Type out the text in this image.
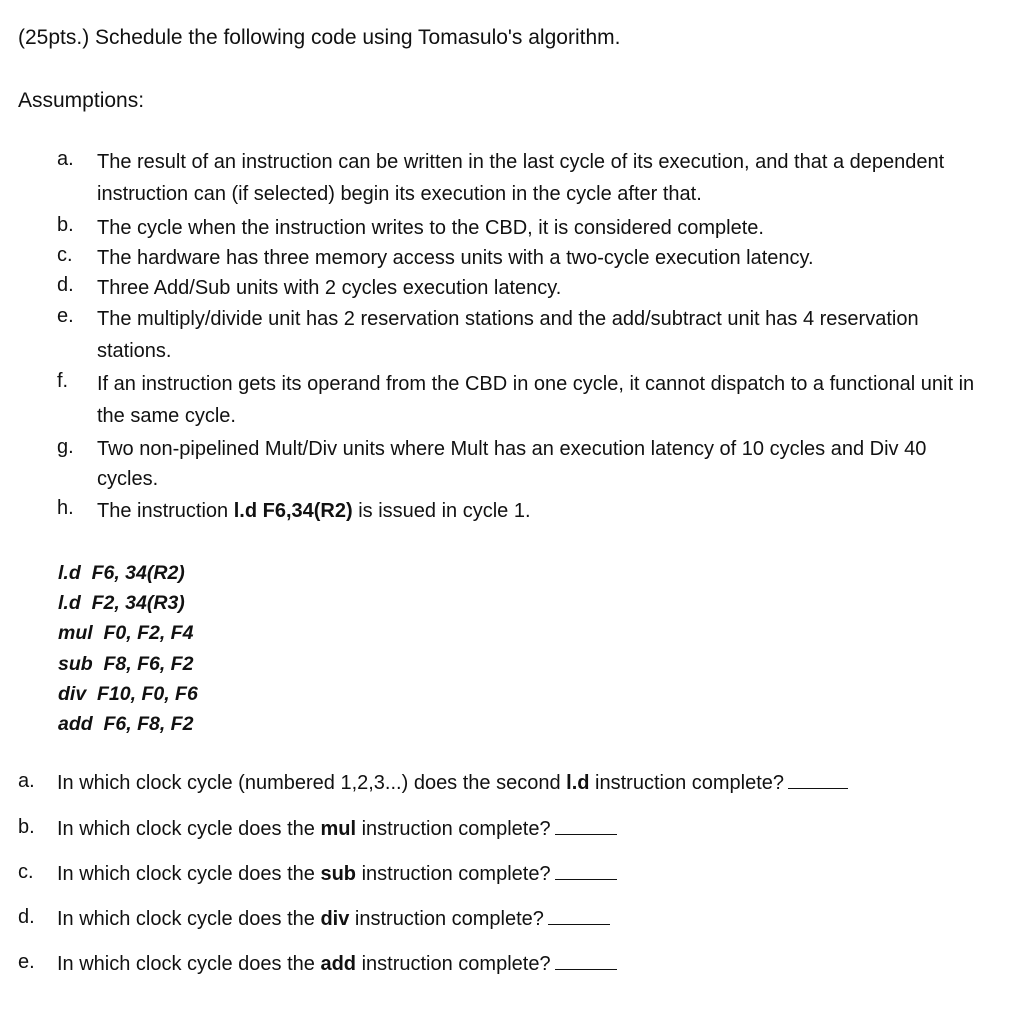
(25pts.) Schedule the following code using Tomasulo's algorithm.
Assumptions:
a.	The result of an instruction can be written in the last cycle of its execution, and that a dependent instruction can (if selected) begin its execution in the cycle after that.
b.	The cycle when the instruction writes to the CBD, it is considered complete.
c.	The hardware has three memory access units with a two-cycle execution latency.
d.	Three Add/Sub units with 2 cycles execution latency.
e.	The multiply/divide unit has 2 reservation stations and the add/subtract unit has 4 reservation stations.
f.	If an instruction gets its operand from the CBD in one cycle, it cannot dispatch to a functional unit in the same cycle.
g.	Two non-pipelined Mult/Div units where Mult has an execution latency of 10 cycles and Div 40 cycles.
h.	The instruction l.d F6,34(R2) is issued in cycle 1.
l.d  F6, 34(R2)
l.d  F2, 34(R3)
mul  F0, F2, F4
sub  F8, F6, F2
div  F10, F0, F6
add  F6, F8, F2
a. In which clock cycle (numbered 1,2,3...) does the second l.d instruction complete?
b. In which clock cycle does the mul instruction complete?
c. In which clock cycle does the sub instruction complete?
d. In which clock cycle does the div instruction complete?
e. In which clock cycle does the add instruction complete?
